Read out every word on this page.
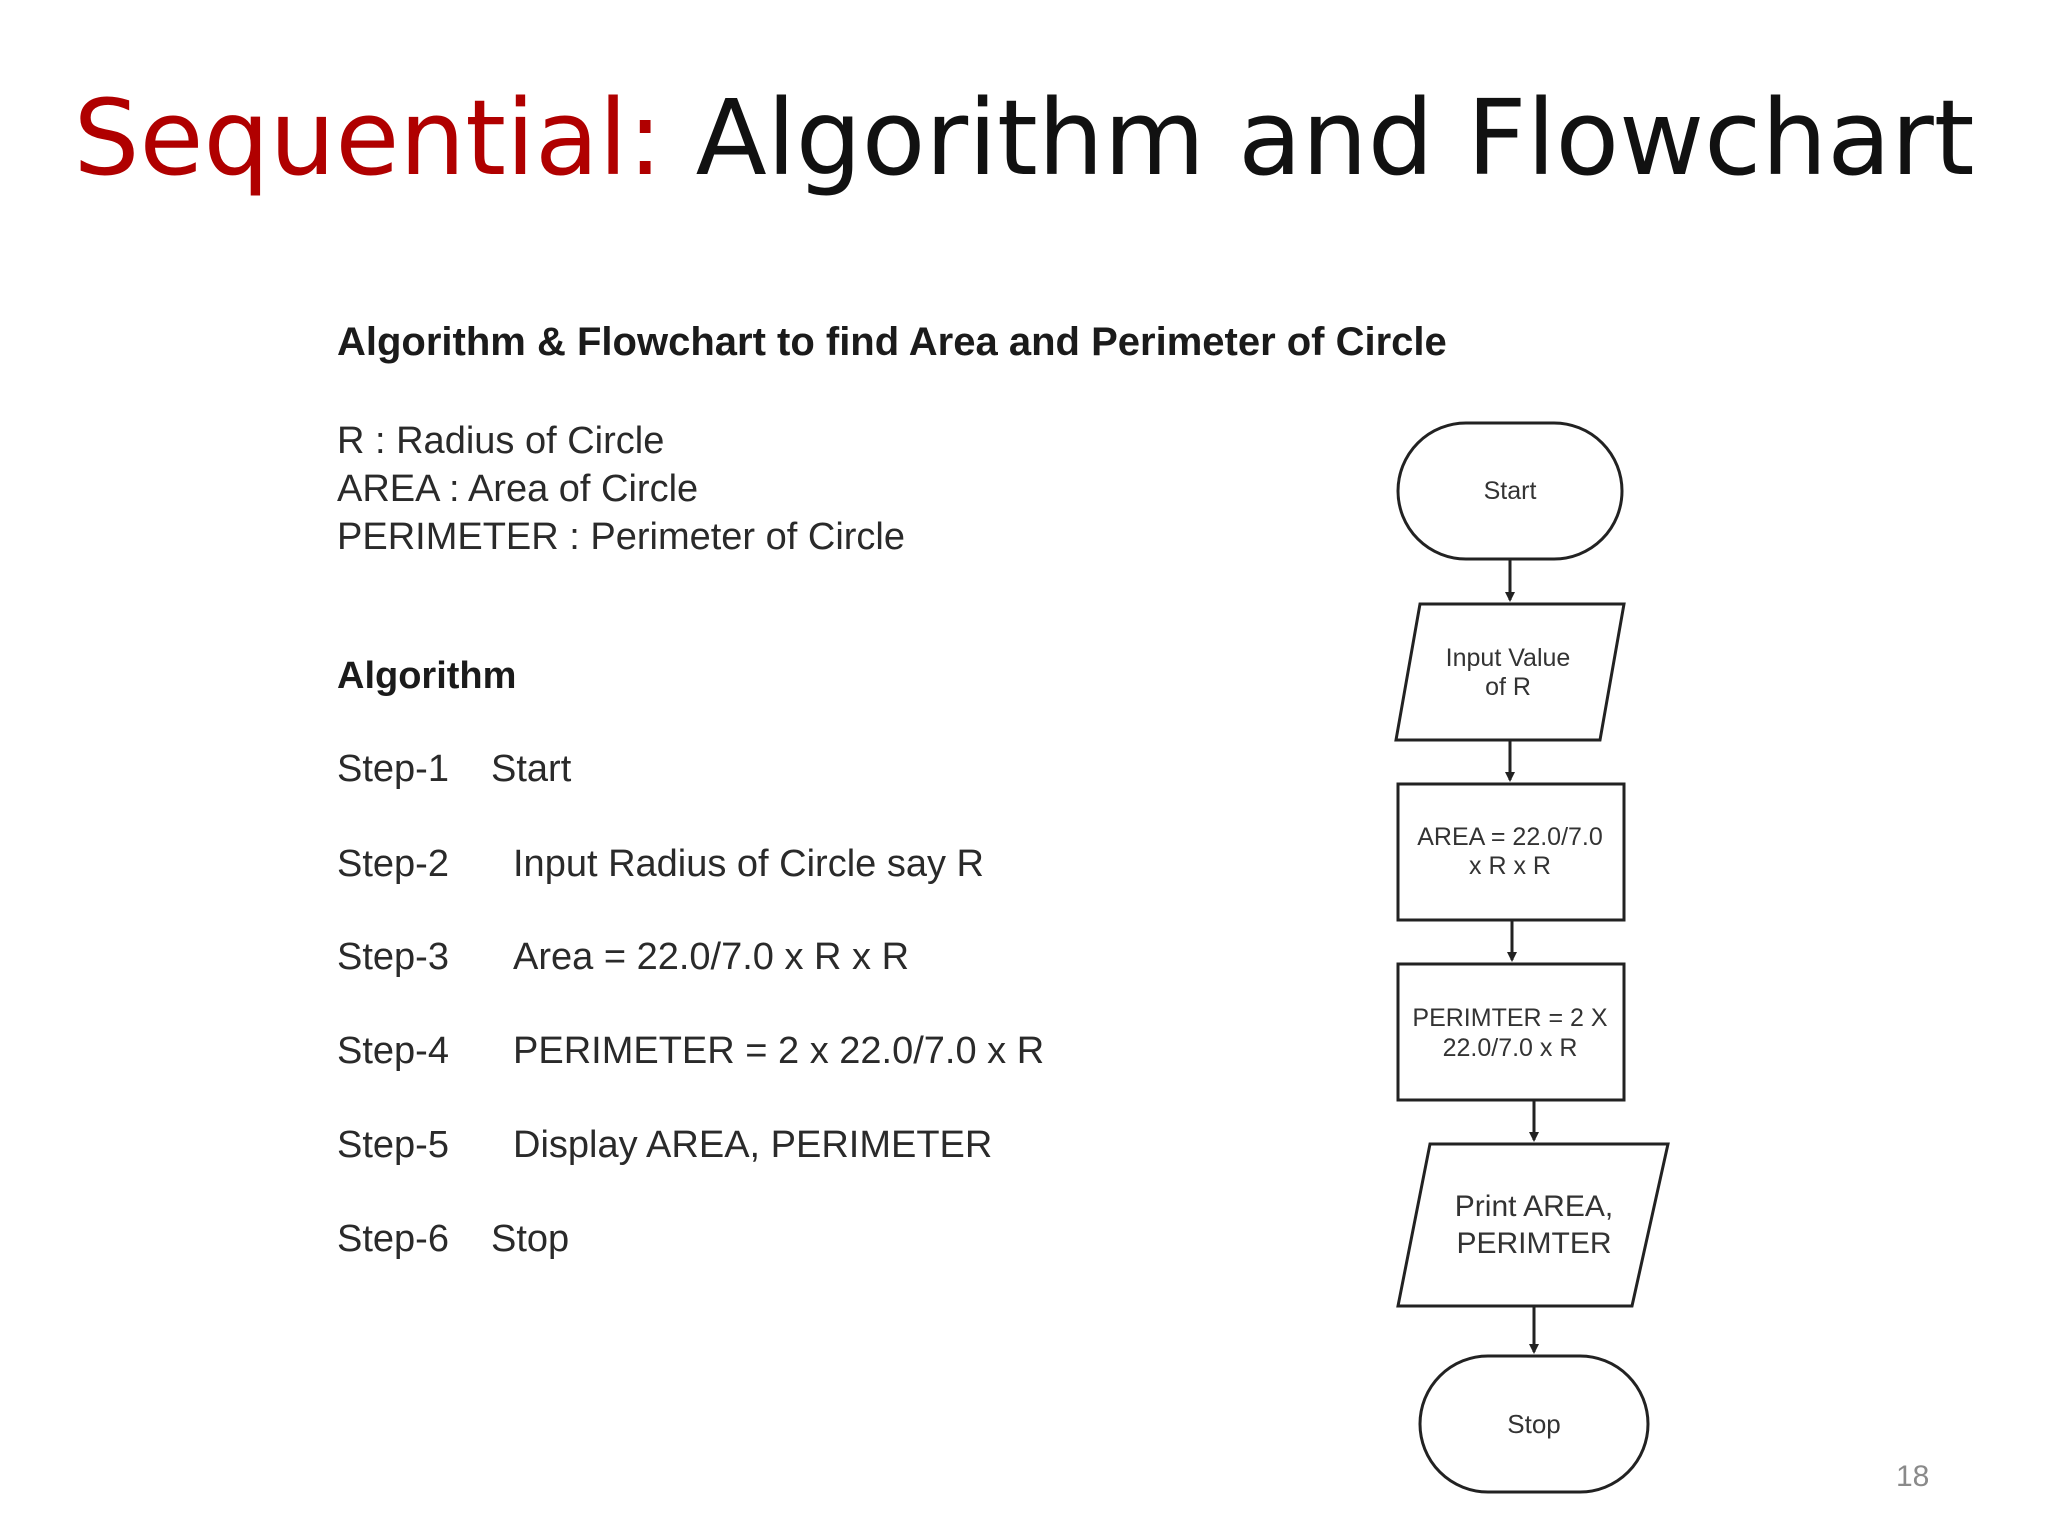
Sequential: Algorithm and Flowchart
Algorithm & Flowchart to find Area and Perimeter of Circle
R : Radius of Circle
AREA : Area of Circle
PERIMETER : Perimeter of Circle
Algorithm
Step-1 Start
Step-2 Input Radius of Circle say R
Step-3 Area = 22.0/7.0 x R x R
Step-4 PERIMETER = 2 x 22.0/7.0 x R
Step-5 Display AREA, PERIMETER
Step-6 Stop
Start
Input Value
of R
AREA = 22.0/7.0
x R x R
PERIMTER = 2 X
22.0/7.0 x R
Print AREA,
PERIMTER
Stop
18
